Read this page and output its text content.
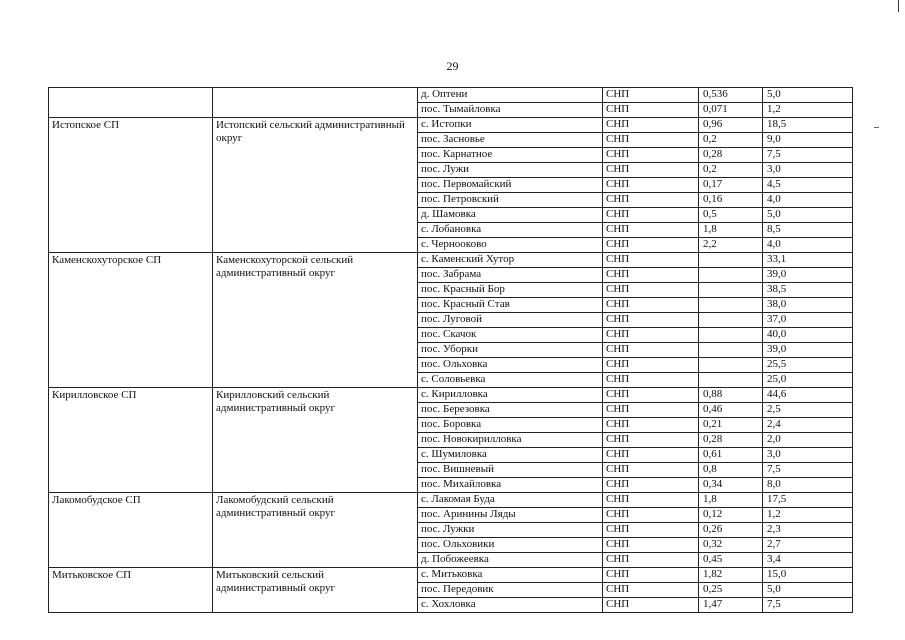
29
		д. Оптени	СНП	0,536	5,0
		пос. Тымайловка	СНП	0,071	1,2
Истопское СП	Истопский сельский административный округ	с. Истопки	СНП	0,96	18,5
		пос. Засновье	СНП	0,2	9,0
		пос. Карнатное	СНП	0,28	7,5
		пос. Лужи	СНП	0,2	3,0
		пос. Первомайский	СНП	0,17	4,5
		пос. Петровский	СНП	0,16	4,0
		д. Шамовка	СНП	0,5	5,0
		с. Лобановка	СНП	1,8	8,5
		с. Чернооково	СНП	2,2	4,0
Каменскохуторское СП	Каменскохуторской сельский административный округ	с. Каменский Хутор	СНП		33,1
		пос. Забрама	СНП		39,0
		пос. Красный Бор	СНП		38,5
		пос. Красный Став	СНП		38,0
		пос. Луговой	СНП		37,0
		пос. Скачок	СНП		40,0
		пос. Уборки	СНП		39,0
		пос. Ольховка	СНП		25,5
		с. Соловьевка	СНП		25,0
Кирилловское СП	Кирилловский сельский административный округ	с. Кирилловка	СНП	0,88	44,6
		пос. Березовка	СНП	0,46	2,5
		пос. Боровка	СНП	0,21	2,4
		пос. Новокирилловка	СНП	0,28	2,0
		с. Шумиловка	СНП	0,61	3,0
		пос. Вишневый	СНП	0,8	7,5
		пос. Михайловка	СНП	0,34	8,0
Лакомобудское СП	Лакомобудский сельский административный округ	с. Лакомая Буда	СНП	1,8	17,5
		пос. Аринины Ляды	СНП	0,12	1,2
		пос. Лужки	СНП	0,26	2,3
		пос. Ольховики	СНП	0,32	2,7
		д. Побожеевка	СНП	0,45	3,4
Митьковское СП	Митьковский сельский административный округ	с. Митьковка	СНП	1,82	15,0
		пос. Передовик	СНП	0,25	5,0
		с. Хохловка	СНП	1,47	7,5
